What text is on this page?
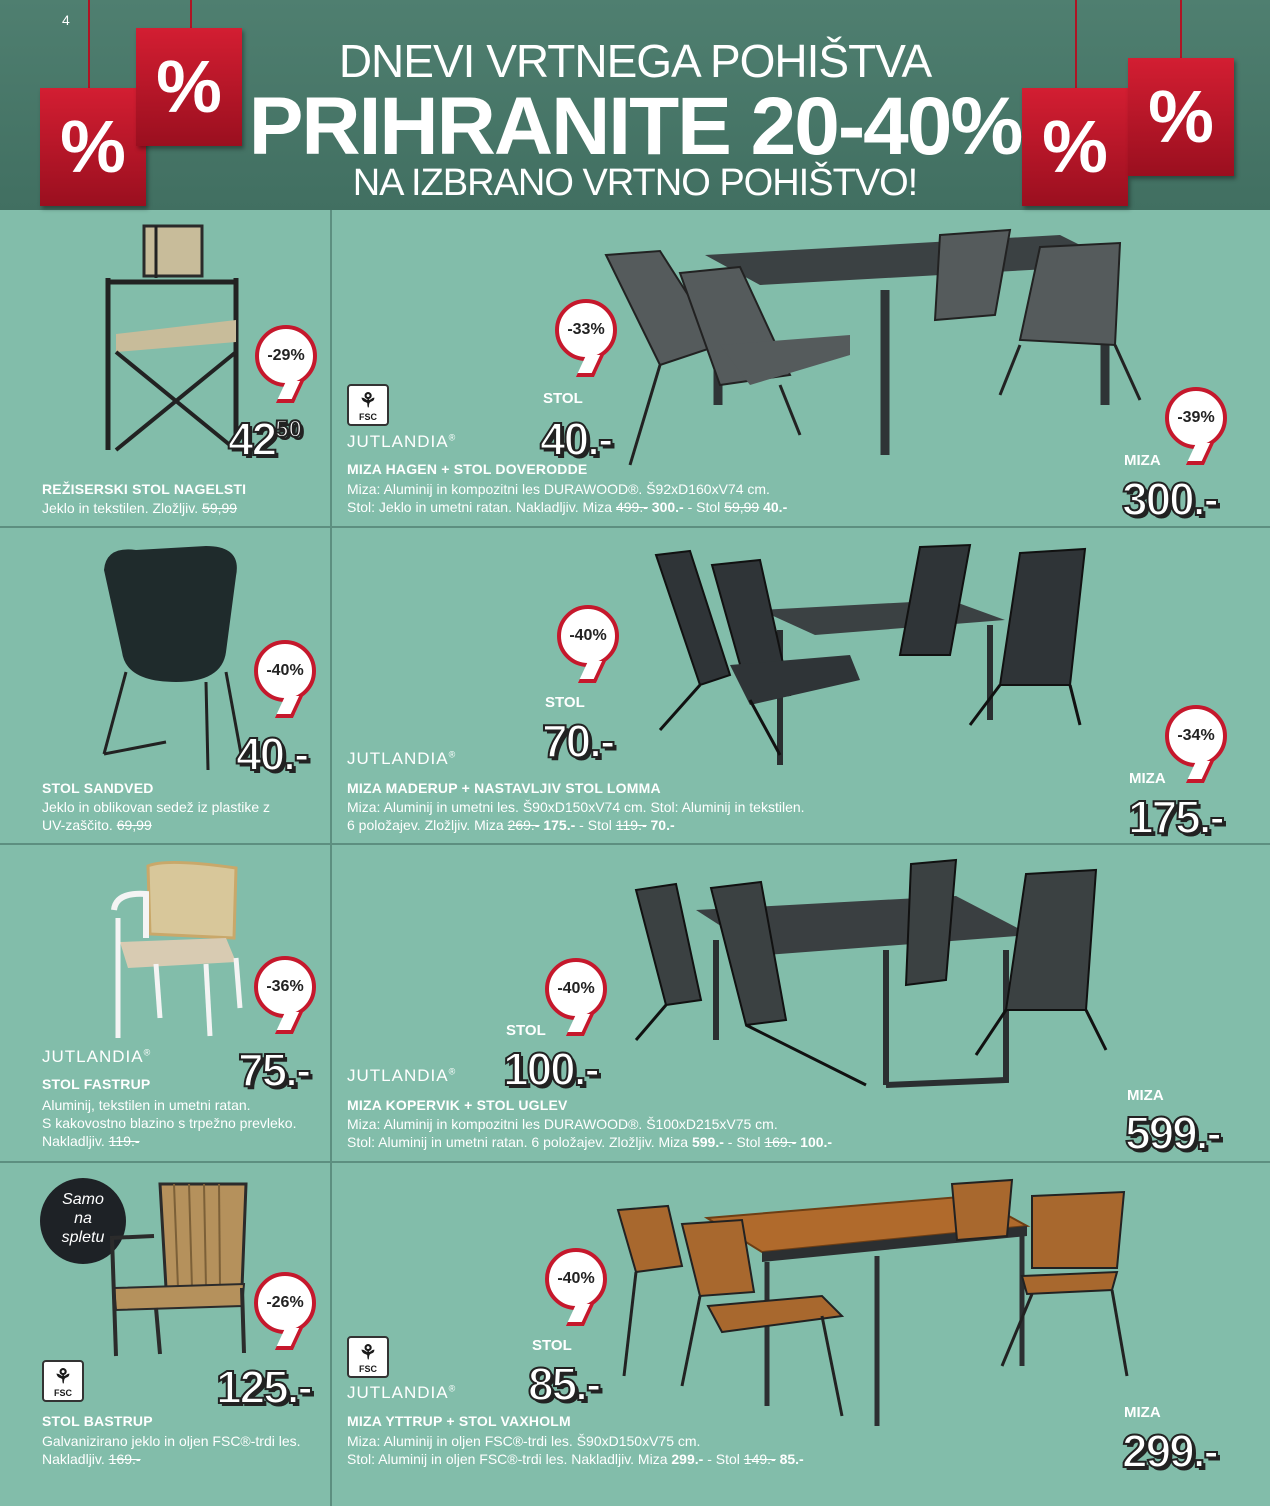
4
%
%
% %
DNEVI VRTNEGA POHIŠTVA
PRIHRANITE 20-40%
NA IZBRANO VRTNO POHIŠTVO!
-29%
$42^{50}$
REŽISERSKI STOL NAGELSTI
Jeklo in tekstilen. Zložljiv. 59,99
⚘ FSC
JUTLANDIA®
-33%
STOL
40.-	-39%
MIZA
300.-
MIZA HAGEN + STOL DOVERODDE
Miza: Aluminij in kompozitni les DURAWOOD®. Š92xD160xV74 cm.
Stol: Jeklo in umetni ratan. Nakladljiv. Miza 499.- 300.- - Stol 59,99 40.-
-40%
40.-
STOL SANDVED
Jeklo in oblikovan sedež iz plastike z
UV-zaščito. 69,99
JUTLANDIA®
-40%
STOL
70.-	-34%
MIZA
175.-
MIZA MADERUP + NASTAVLJIV STOL LOMMA
Miza: Aluminij in umetni les. Š90xD150xV74 cm. Stol: Aluminij in tekstilen.
6 položajev. Zložljiv. Miza 269.- 175.- - Stol 119.- 70.-
JUTLANDIA®
-36%
75.-
STOL FASTRUP
Aluminij, tekstilen in umetni ratan.
S kakovostno blazino s trpežno prevleko.
Nakladljiv. 119.-
JUTLANDIA®
-40%
STOL
100.-
MIZA
599.-
MIZA KOPERVIK + STOL UGLEV
Miza: Aluminij in kompozitni les DURAWOOD®. Š100xD215xV75 cm.
Stol: Aluminij in umetni ratan. 6 položajev. Zložljiv. Miza 599.- - Stol 169.- 100.-
Samo
na
spletu
⚘ FSC
-26%
125.-
STOL BASTRUP
Galvanizirano jeklo in oljen FSC®-trdi les.
Nakladljiv. 169.-
⚘ FSC
JUTLANDIA®
-40%
STOL
85.-
MIZA
299.-
MIZA YTTRUP + STOL VAXHOLM
Miza: Aluminij in oljen FSC®-trdi les. Š90xD150xV75 cm.
Stol: Aluminij in oljen FSC®-trdi les. Nakladljiv. Miza 299.- - Stol 149.- 85.-
